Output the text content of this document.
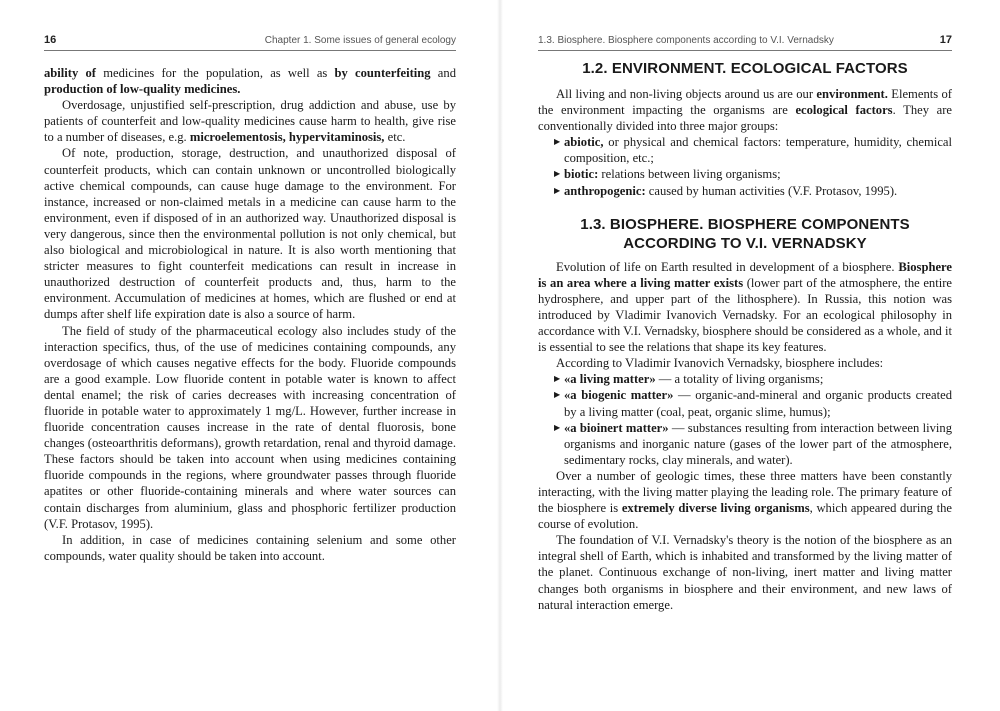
16	Chapter 1. Some issues of general ecology

ability of medicines for the population, as well as by counterfeiting and production of low-quality medicines.

Overdosage, unjustified self-prescription, drug addiction and abuse, use by patients of counterfeit and low-quality medicines cause harm to health, give rise to a number of diseases, e.g. microelementosis, hypervitaminosis, etc.

Of note, production, storage, destruction, and unauthorized disposal of counterfeit products, which can contain unknown or uncontrolled biologically active chemical compounds, can cause huge damage to the environment. For instance, increased or non-claimed metals in a medicine can cause harm to the environment, even if disposed of in an authorized way. Unauthorized disposal is very dangerous, since then the environmental pollution is not only chemical, but also biological and microbiological in nature. It is also worth mentioning that stricter measures to fight counterfeit medications can result in increase in unauthorized destruction of counterfeit products and, thus, harm to the environment. Accumulation of medicines at homes, which are flushed or end at dumps after shelf life expiration date is also a source of harm.

The field of study of the pharmaceutical ecology also includes study of the interaction specifics, thus, of the use of medicines containing compounds, any overdosage of which causes negative effects for the body. Fluoride compounds are a good example. Low fluoride content in potable water is known to affect dental enamel; the risk of caries decreases with increasing concentration of fluoride in potable water to approximately 1 mg/L. However, further increase in fluoride concentration causes increase in the rate of dental fluorosis, bone changes (osteoarthritis deformans), growth retardation, renal and thyroid damage. These factors should be taken into account when using medicines containing fluoride compounds in the regions, where groundwater passes through fluoride apatites or other fluoride-containing minerals and where water sources can contain discharges from aluminium, glass and phosphoric fertilizer production (V.F. Protasov, 1995).

In addition, in case of medicines containing selenium and some other compounds, water quality should be taken into account.

1.3. Biosphere. Biosphere components according to V.I. Vernadsky	17
1.2. ENVIRONMENT. ECOLOGICAL FACTORS

All living and non-living objects around us are our environment. Elements of the environment impacting the organisms are ecological factors. They are conventionally divided into three major groups:

▶ abiotic, or physical and chemical factors: temperature, humidity, chemical composition, etc.;
▶ biotic: relations between living organisms;
▶ anthropogenic: caused by human activities (V.F. Protasov, 1995).
1.3. BIOSPHERE. BIOSPHERE COMPONENTS ACCORDING TO V.I. VERNADSKY

Evolution of life on Earth resulted in development of a biosphere. Biosphere is an area where a living matter exists (lower part of the atmosphere, the entire hydrosphere, and upper part of the lithosphere). In Russia, this notion was introduced by Vladimir Ivanovich Vernadsky. For an ecological philosophy in accordance with V.I. Vernadsky, biosphere should be considered as a whole, and it is essential to see the relations that shape its key features.

According to Vladimir Ivanovich Vernadsky, biosphere includes:

▶ «a living matter» — a totality of living organisms;
▶ «a biogenic matter» — organic-and-mineral and organic products created by a living matter (coal, peat, organic slime, humus);
▶ «a bioinert matter» — substances resulting from interaction between living organisms and inorganic nature (gases of the lower part of the atmosphere, sedimentary rocks, clay minerals, and water).

Over a number of geologic times, these three matters have been constantly interacting, with the living matter playing the leading role. The primary feature of the biosphere is extremely diverse living organisms, which appeared during the course of evolution.

The foundation of V.I. Vernadsky's theory is the notion of the biosphere as an integral shell of Earth, which is inhabited and transformed by the living matter of the planet. Continuous exchange of non-living, inert matter and living matter changes both organisms in biosphere and their environment, and new laws of natural interaction emerge.
